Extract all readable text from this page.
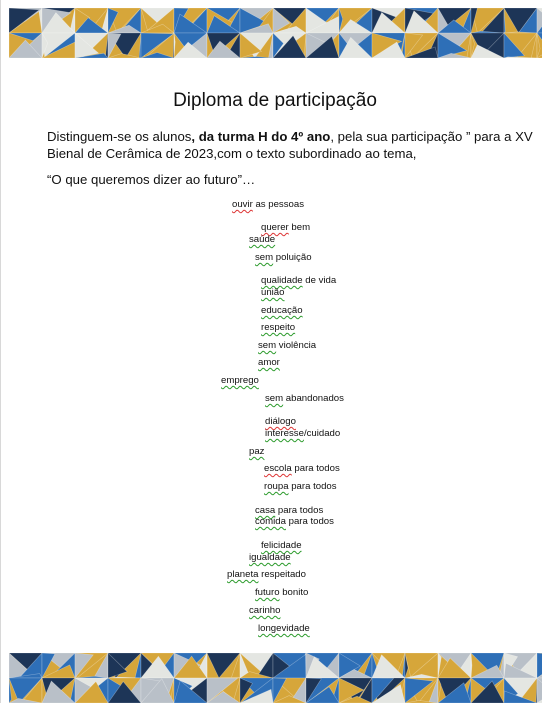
Diploma de participação
Distinguem-se os alunos, da turma H do 4º ano, pela sua participação ” para a XV Bienal de Cerâmica de 2023,com o texto subordinado ao tema,
“O que queremos dizer ao futuro”…
ouvir as pessoas
querer bem
saúde
sem poluição
qualidade de vida
união
educação
respeito
sem violência
amor
emprego
sem abandonados
diálogo
interesse/cuidado
paz
escola para todos
roupa para todos
casa para todos
comida para todos
felicidade
igualdade
planeta respeitado
futuro bonito
carinho
longevidade
